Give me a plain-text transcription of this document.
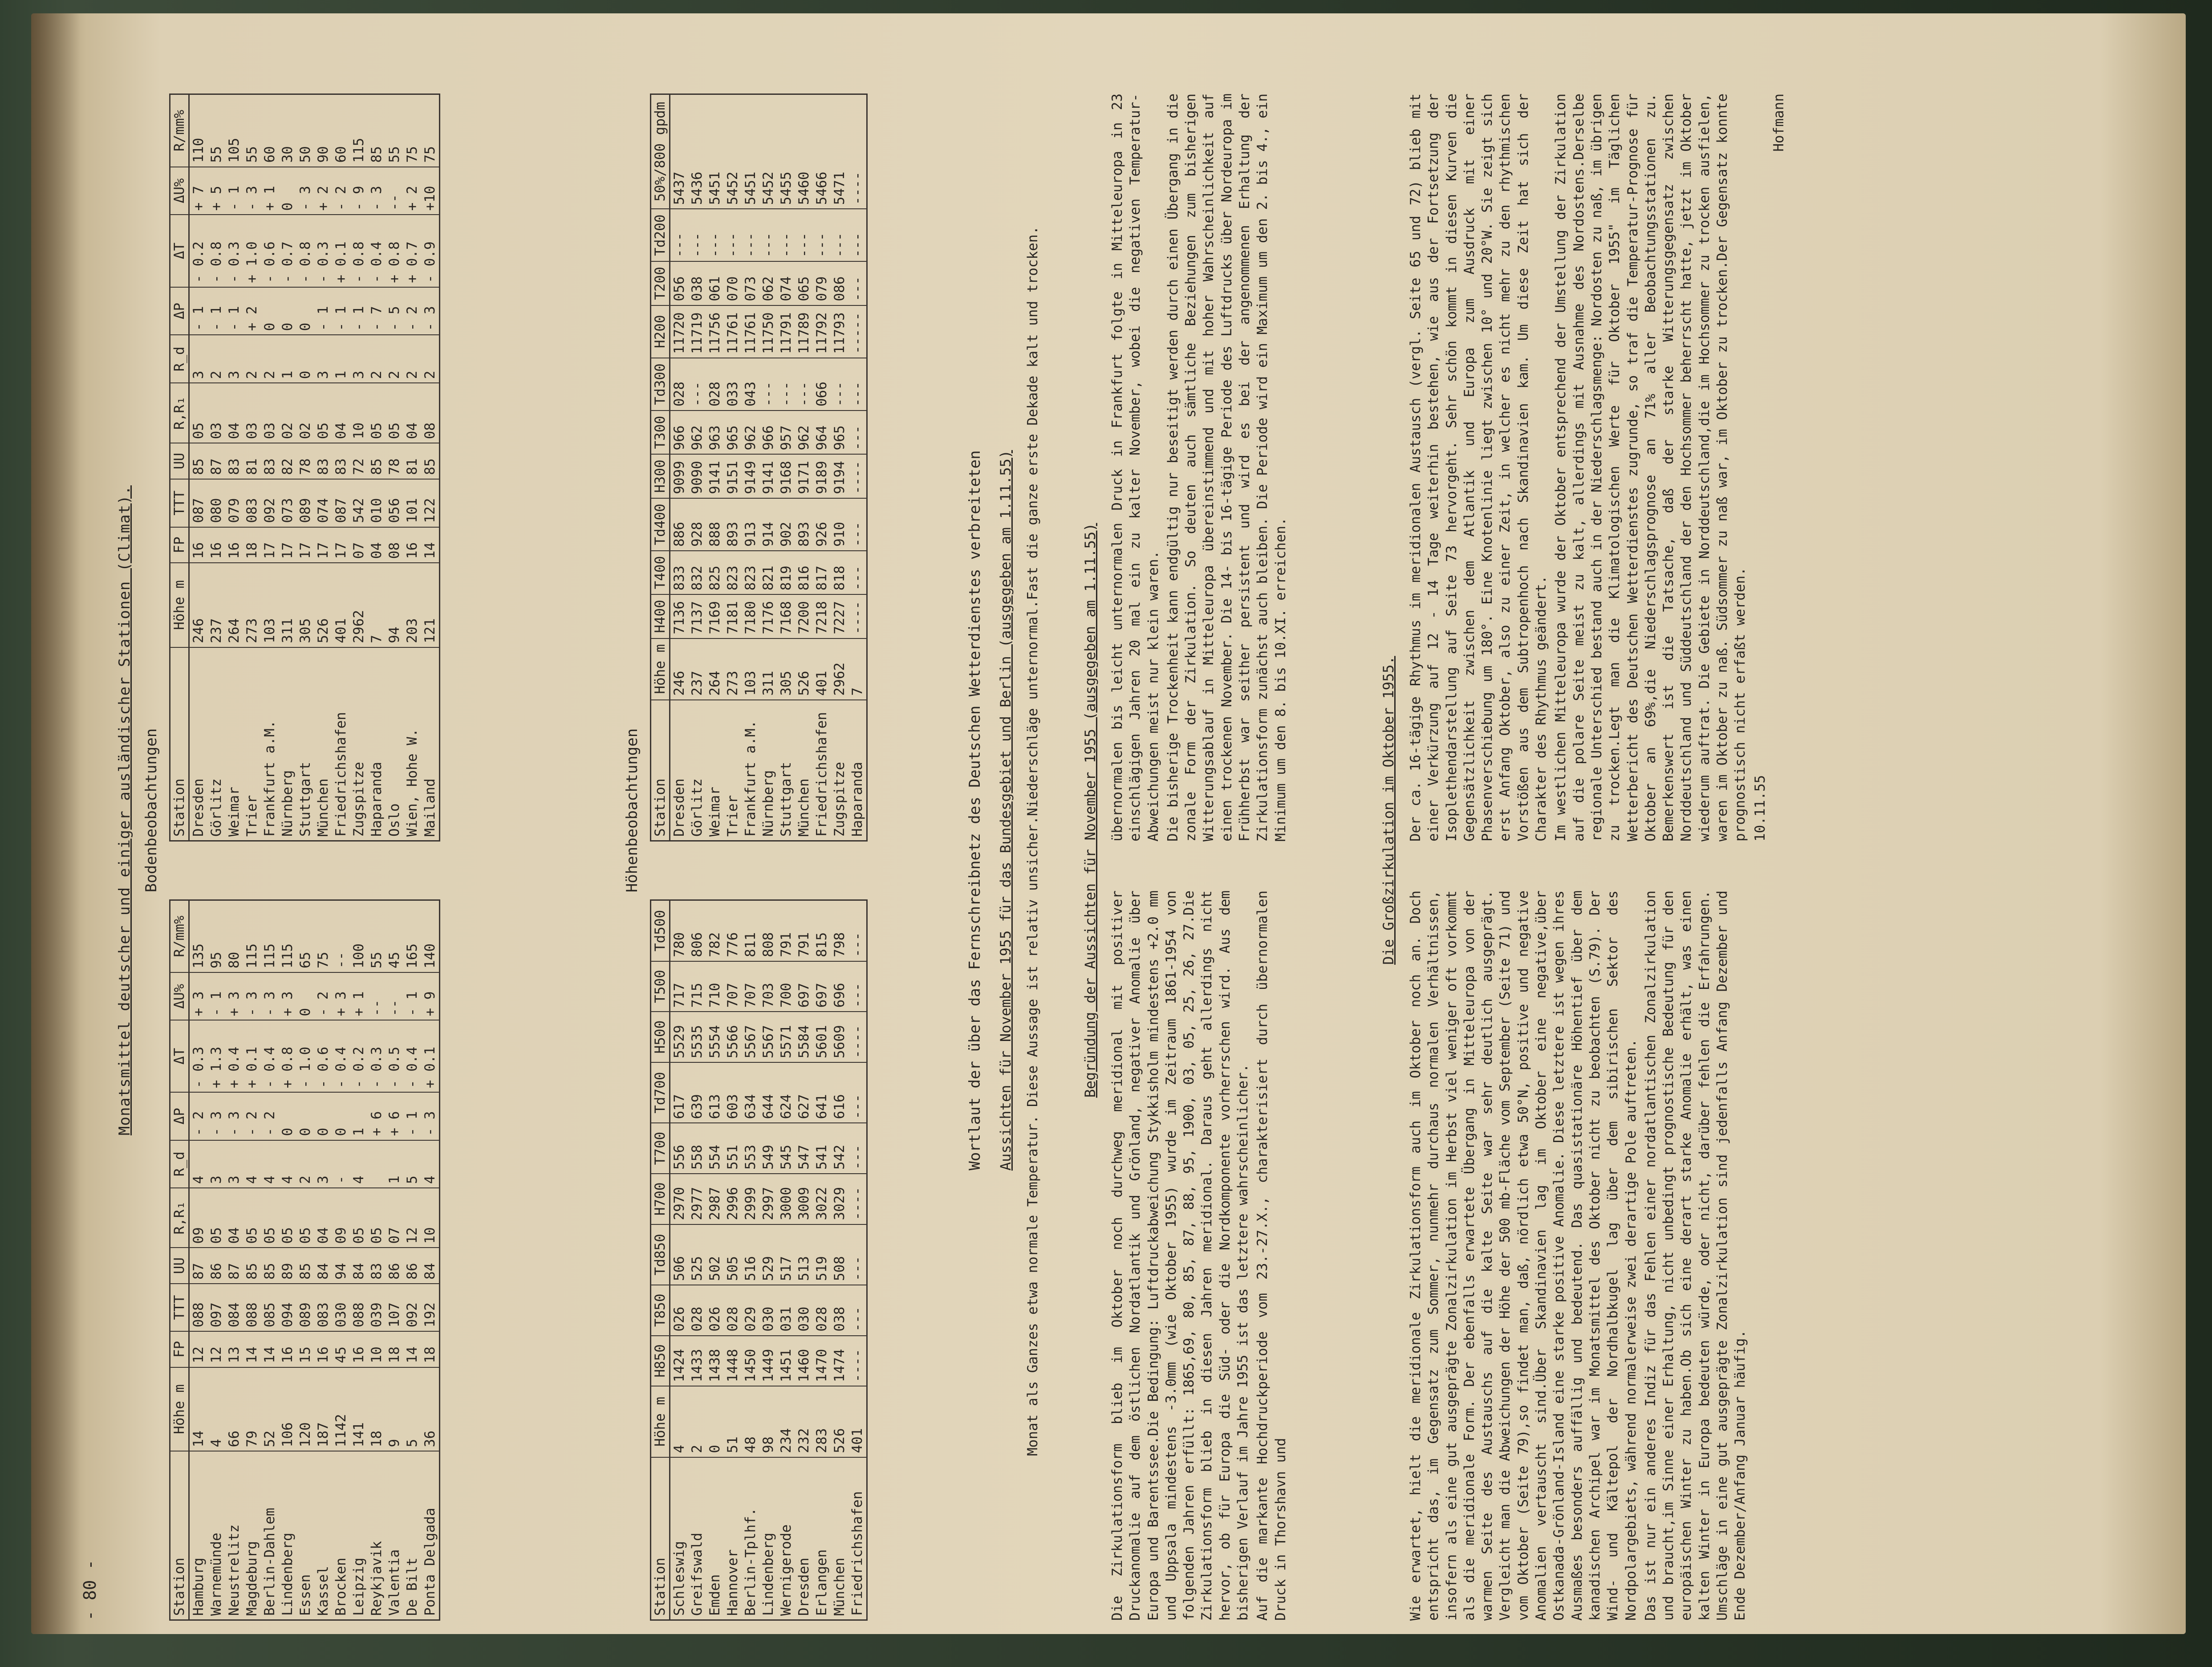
- 80 -
Monatsmittel deutscher und einiger ausländischer Stationen (Climat). Bodenbeobachtungen
Station	Höhe m	FP	TTT	UU	R,R₁	R_d	ΔP	ΔT	ΔU%	R/mm%
Hamburg	14	12	088	87	09	4	- 2	- 0.3	+ 3	135
Warnemünde	4	12	097	86	05	3	- 3	+ 1.3	- 1	95
Neustrelitz	66	13	084	87	04	3	- 3	+ 0.4	+ 3	80
Magdeburg	79	14	088	85	05	4	- 2	+ 0.1	- 3	115
Berlin-Dahlem	52	14	085	85	05	4	- 2	- 0.4	- 3	115
Lindenberg	106	16	094	89	05	4	0	+ 0.8	+ 3	115
Essen	120	15	089	85	05	2	0	- 1.0	0	65
Kassel	187	16	083	84	04	3	0	- 0.6	- 2	75
Brocken	1142	45	030	94	09	-	0	- 0.4	+ 3	--
Leipzig	141	16	088	84	05	4	1	- 0.2	+ 1	100
Reykjavik	18	10	039	83	05		+ 6	- 0.3	--	55
Valentia	9	18	107	86	07	1	+ 6	- 0.5	--	45
De Bilt	5	14	092	86	12	5	- 1	- 0.4	- 1	165
Ponta Delgada	36	18	192	84	10	4	- 3	+ 0.1	+ 9	140
Station	Höhe m	FP	TTT	UU	R,R₁	R_d	ΔP	ΔT	ΔU%	R/mm%
Dresden	246	16	087	85	05	3	- 1	- 0.2	+ 7	110
Görlitz	237	16	080	87	03	2	- 1	- 0.8	+ 5	55
Weimar	264	16	079	83	04	3	- 1	- 0.3	- 1	105
Trier	273	18	083	81	03	2	+ 2	+ 1.0	- 3	55
Frankfurt a.M.	103	17	092	83	03	2	0	- 0.6	+ 1	60
Nürnberg	311	17	073	82	02	1	0	- 0.7	0	30
Stuttgart	305	17	089	78	02	0	0	- 0.8	- 3	50
München	526	17	074	83	05	3	- 1	- 0.3	+ 2	90
Friedrichshafen	401	17	087	83	04	1	- 1	+ 0.1	- 2	60
Zugspitze	2962	07	542	72	10	3	- 1	- 0.8	- 9	115
Haparanda	7	04	010	85	05	2	- 7	- 0.4	- 3	85
Oslo	94	08	056	78	05	2	- 5	+ 0.8	--	55
Wien, Hohe W.	203	16	101	81	04	2	- 2	+ 0.7	+ 2	75
Mailand	121	14	122	85	08	2	- 3	- 0.9	+10	75
Höhenbeobachtungen
Station	Höhe m	H850	T850	Td850	H700	T700	Td700	H500	T500	Td500
Schleswig	4	1424	026	506	2970	556	617	5529	717	780
Greifswald	2	1433	028	525	2977	558	639	5535	715	806
Emden	0	1438	026	502	2987	554	613	5554	710	782
Hannover	51	1448	028	505	2996	551	603	5566	707	776
Berlin-Tplhf.	48	1450	029	516	2999	553	634	5567	707	811
Lindenberg	98	1449	030	529	2997	549	644	5567	703	808
Wernigerode	234	1451	031	517	3000	545	624	5571	700	791
Dresden	232	1460	030	513	3009	547	627	5584	697	791
Erlangen	283	1470	028	519	3022	541	641	5601	697	815
München	526	1474	038	508	3029	542	616	5609	696	798
Friedrichshafen	401	----	---	---	----	---	---	----	---	---
Station	Höhe m	H400	T400	Td400	H300	T300	Td300	H200	T200	Td200	50%/800 gpdm
Dresden	246	7136	833	886	9099	966	028	11720	056	---	5437
Görlitz	237	7137	832	928	9090	962	---	11719	038	---	5436
Weimar	264	7169	825	888	9141	963	028	11756	061	---	5451
Trier	273	7181	823	893	9151	965	033	11761	070	---	5452
Frankfurt a.M.	103	7180	823	913	9149	962	043	11761	073	---	5451
Nürnberg	311	7176	821	914	9141	966	---	11750	062	---	5452
Stuttgart	305	7168	819	902	9168	957	---	11791	074	---	5455
München	526	7200	816	893	9171	962	---	11789	065	---	5460
Friedrichshafen	401	7218	817	926	9189	964	066	11792	079	---	5466
Zugspitze	2962	7227	818	910	9194	965	---	11793	086	---	5471
Haparanda	7	----	---	---	----	---	---	-----	---	---	----
Wortlaut der über das Fernschreibnetz des Deutschen Wetterdienstes verbreiteten Aussichten für November 1955 für das Bundesgebiet und Berlin (ausgegeben am 1.11.55) Monat als Ganzes etwa normale Temperatur. Diese Aussage ist relativ unsicher.Niederschläge unternormal.Fast die ganze erste Dekade kalt und trocken.	Begründung der Aussichten für November 1955 (ausgegeben am 1.11.55)

Die Zirkulationsform blieb im Oktober noch durchweg meridional mit positiver Druckanomalie auf dem östlichen Nordatlantik und Grönland, negativer Anomalie über Europa und Barentssee.Die Bedingung: Luftdruckabweichung Stykkisholm mindestens +2.0 mm und Uppsala mindestens -3.0mm (wie Oktober 1955) wurde im Zeitraum 1861-1954 von folgenden Jahren erfüllt: 1865,69, 80, 85, 87, 88, 95, 1900, 03, 05, 25, 26, 27.Die Zirkulationsform blieb in diesen Jahren meridional. Daraus geht allerdings nicht hervor, ob für Europa die Süd- oder die Nordkomponente vorherrschen wird. Aus dem bisherigen Verlauf im Jahre 1955 ist das letztere wahrscheinlicher. Auf die markante Hochdruckperiode vom 23.-27.X., charakterisiert durch übernormalen Druck in Thorshavn und

übernormalen bis leicht unternormalen Druck in Frankfurt folgte in Mitteleuropa in 23 einschlägigen Jahren 20 mal ein zu kalter November, wobei die negativen Temperatur-Abweichungen meist nur klein waren. Die bisherige Trockenheit kann endgültig nur beseitigt werden durch einen Übergang in die zonale Form der Zirkulation. So deuten auch sämtliche Beziehungen zum bisherigen Witterungsablauf in Mitteleuropa übereinstimmend und mit hoher Wahrscheinlichkeit auf einen trockenen November. Die 14- bis 16-tägige Periode des Luftdrucks über Nordeuropa im Frühherbst war seither persistent und wird es bei der angenommenen Erhaltung der Zirkulationsform zunächst auch bleiben. Die Periode wird ein Maximum um den 2. bis 4., ein Minimum um den 8. bis 10.XI. erreichen.	Die Großzirkulation im Oktober 1955.

Wie erwartet, hielt die meridionale Zirkulationsform auch im Oktober noch an. Doch entspricht das, im Gegensatz zum Sommer, nunmehr durchaus normalen Verhältnissen, insofern als eine gut ausgeprägte Zonalzirkulation im Herbst viel weniger oft vorkommt als die meridionale Form. Der ebenfalls erwartete Übergang in Mitteleuropa von der warmen Seite des Austauschs auf die kalte Seite war sehr deutlich ausgeprägt. Vergleicht man die Abweichungen der Höhe der 500 mb-Fläche vom September (Seite 71) und vom Oktober (Seite 79),so findet man, daß, nördlich etwa 50°N, positive und negative Anomalien vertauscht sind.Über Skandinavien lag im Oktober eine negative,über Ostkanada-Grönland-Island eine starke positive Anomalie. Diese letztere ist wegen ihres Ausmaßes besonders auffällig und bedeutend. Das quasistationäre Höhentief über dem kanadischen Archipel war im Monatsmittel des Oktober nicht zu beobachten (S.79). Der Wind- und Kältepol der Nordhalbkugel lag über dem sibirischen Sektor des Nordpolargebiets, während normalerweise zwei derartige Pole auftreten. Das ist nur ein anderes Indiz für das Fehlen einer nordatlantischen Zonalzirkulation und braucht,im Sinne einer Erhaltung, nicht unbedingt prognostische Bedeutung für den europäischen Winter zu haben.Ob sich eine derart starke Anomalie erhält, was einen kalten Winter in Europa bedeuten würde, oder nicht, darüber fehlen die Erfahrungen. Umschläge in eine gut ausgeprägte Zonalzirkulation sind jedenfalls Anfang Dezember und Ende Dezember/Anfang Januar häufig.

Der ca. 16-tägige Rhythmus im meridionalen Austausch (vergl. Seite 65 und 72) blieb mit einer Verkürzung auf 12 - 14 Tage weiterhin bestehen, wie aus der Fortsetzung der Isoplethendarstellung auf Seite 73 hervorgeht. Sehr schön kommt in diesen Kurven die Gegensätzlichkeit zwischen dem Atlantik und Europa zum Ausdruck mit einer Phasenverschiebung um 180°. Eine Knotenlinie liegt zwischen 10° und 20°W. Sie zeigt sich erst Anfang Oktober, also zu einer Zeit, in welcher es nicht mehr zu den rhythmischen Vorstößen aus dem Subtropenhoch nach Skandinavien kam. Um diese Zeit hat sich der Charakter des Rhythmus geändert. Im westlichen Mitteleuropa wurde der Oktober entsprechend der Umstellung der Zirkulation auf die polare Seite meist zu kalt, allerdings mit Ausnahme des Nordostens.Derselbe regionale Unterschied bestand auch in der Niederschlagsmenge: Nordosten zu naß, im übrigen zu trocken.Legt man die Klimatologischen Werte für Oktober 1955" im Täglichen Wetterbericht des Deutschen Wetterdienstes zugrunde, so traf die Temperatur-Prognose für Oktober an 69%,die Niederschlagsprognose an 71% aller Beobachtungsstationen zu. Bemerkenswert ist die Tatsache, daß der starke Witterungsgegensatz zwischen Norddeutschland und Süddeutschland der den Hochsommer beherrscht hatte, jetzt im Oktober wiederum auftrat. Die Gebiete in Norddeutschland,die im Hochsommer zu trocken ausfielen, waren im Oktober zu naß. Südsommer zu naß war, im Oktober zu trocken.Der Gegensatz konnte prognostisch nicht erfaßt werden. 10.11.55

Hofmann
